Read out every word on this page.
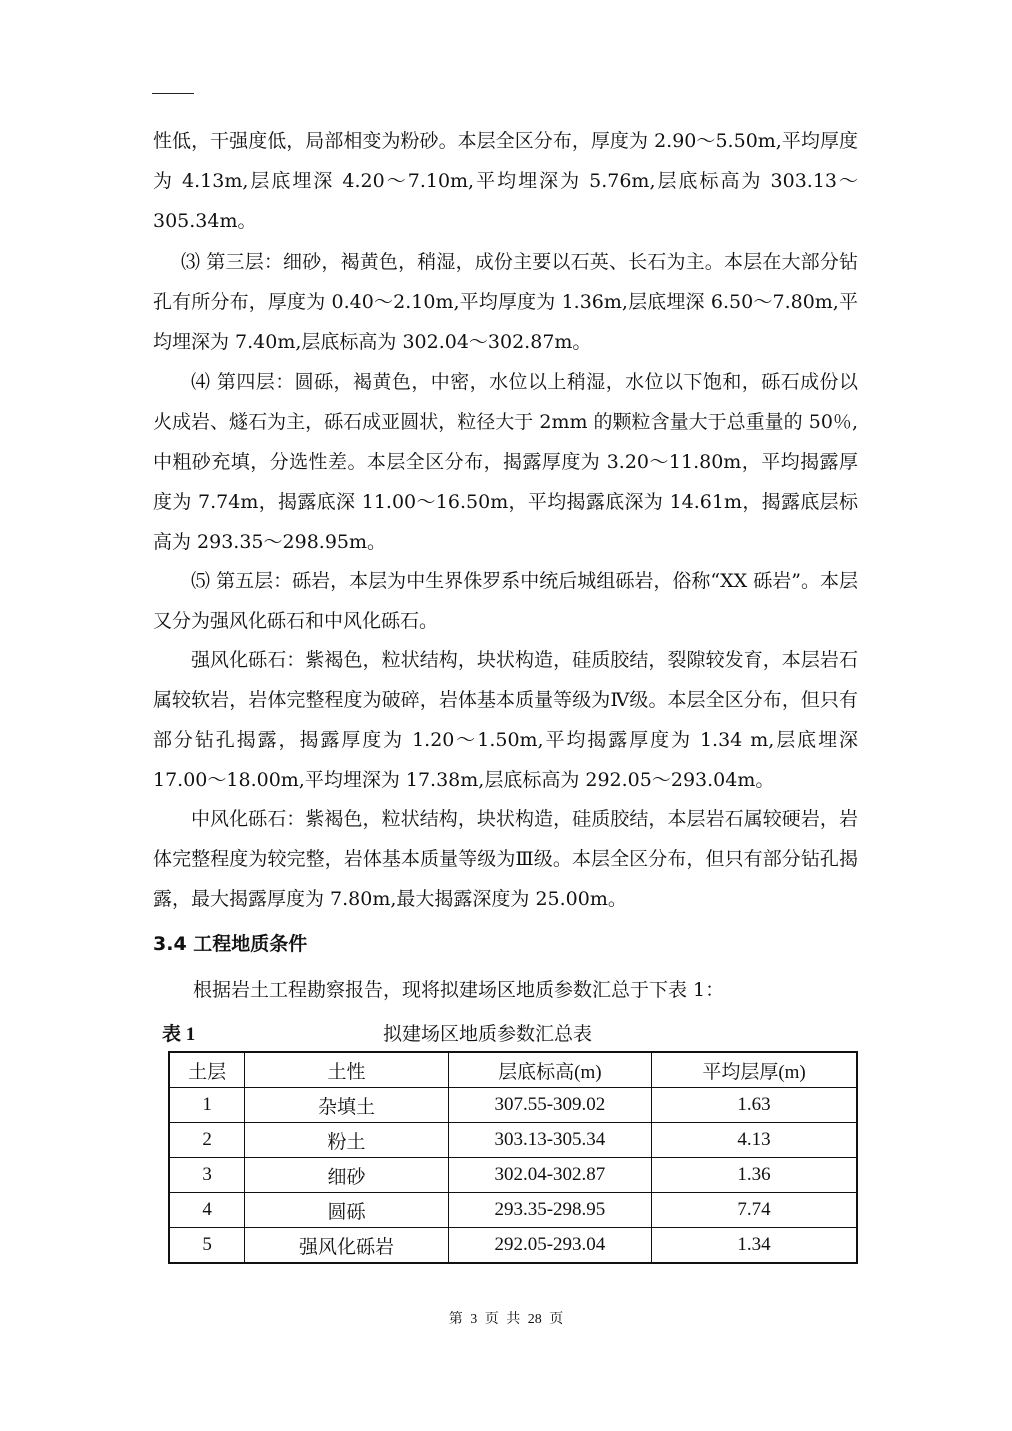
性低，干强度低，局部相变为粉砂。本层全区分布，厚度为 2.90～5.50m,平均厚度为 4.13m,层底埋深 4.20～7.10m,平均埋深为 5.76m,层底标高为 303.13～305.34m。

⑶ 第三层：细砂，褐黄色，稍湿，成份主要以石英、长石为主。本层在大部分钻孔有所分布，厚度为 0.40～2.10m,平均厚度为 1.36m,层底埋深 6.50～7.80m,平均埋深为 7.40m,层底标高为 302.04～302.87m。

⑷ 第四层：圆砾，褐黄色，中密，水位以上稍湿，水位以下饱和，砾石成份以火成岩、燧石为主，砾石成亚圆状，粒径大于 2mm 的颗粒含量大于总重量的 50％,中粗砂充填，分选性差。本层全区分布，揭露厚度为 3.20～11.80m，平均揭露厚度为 7.74m，揭露底深 11.00～16.50m，平均揭露底深为 14.61m，揭露底层标高为 293.35～298.95m。

⑸ 第五层：砾岩，本层为中生界侏罗系中统后城组砾岩，俗称“XX 砾岩”。本层又分为强风化砾石和中风化砾石。

强风化砾石：紫褐色，粒状结构，块状构造，硅质胶结，裂隙较发育，本层岩石属较软岩，岩体完整程度为破碎，岩体基本质量等级为Ⅳ级。本层全区分布，但只有部分钻孔揭露，揭露厚度为 1.20～1.50m,平均揭露厚度为 1.34 m,层底埋深 17.00～18.00m,平均埋深为 17.38m,层底标高为 292.05～293.04m。

中风化砾石：紫褐色，粒状结构，块状构造，硅质胶结，本层岩石属较硬岩，岩体完整程度为较完整，岩体基本质量等级为Ⅲ级。本层全区分布，但只有部分钻孔揭露，最大揭露厚度为 7.80m,最大揭露深度为 25.00m。

3.4 工程地质条件

根据岩土工程勘察报告，现将拟建场区地质参数汇总于下表 1：

表 1	拟建场区地质参数汇总表
土层	土性	层底标高(m)	平均层厚(m)
1	杂填土	307.55-309.02	1.63
2	粉土	303.13-305.34	4.13
3	细砂	302.04-302.87	1.36
4	圆砾	293.35-298.95	7.74
5	强风化砾岩	292.05-293.04	1.34
第 3 页 共 28 页
